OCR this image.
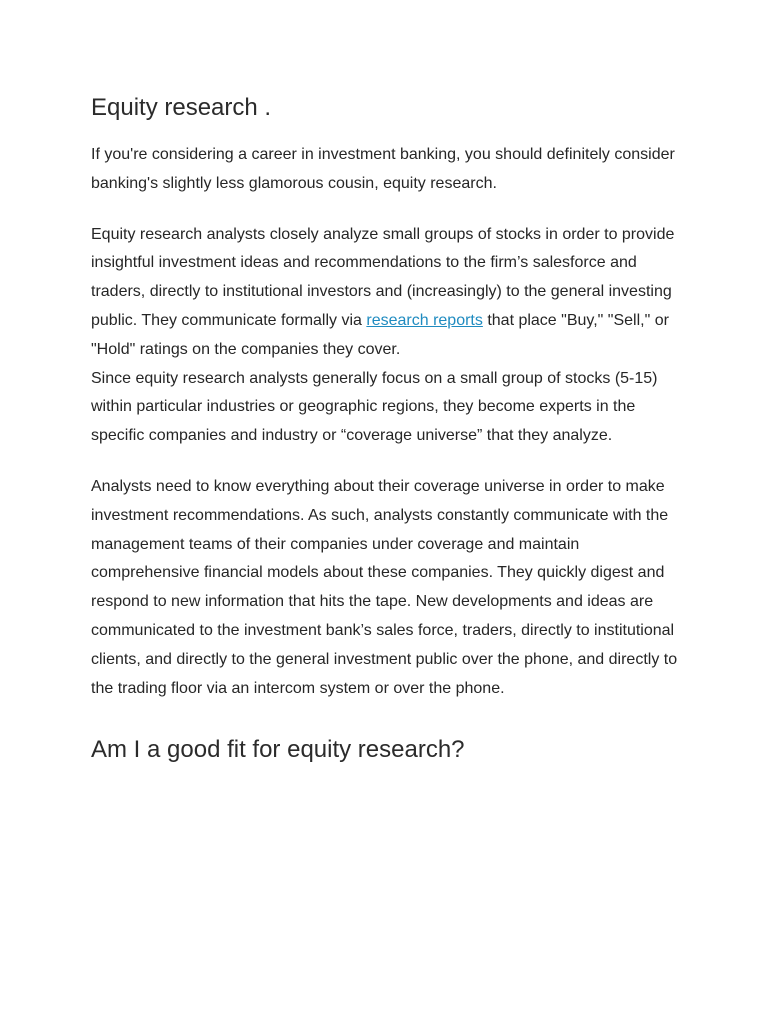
Equity research .

If you're considering a career in investment banking, you should definitely consider banking's slightly less glamorous cousin, equity research.

Equity research analysts closely analyze small groups of stocks in order to provide insightful investment ideas and recommendations to the firm’s salesforce and traders, directly to institutional investors and (increasingly) to the general investing public. They communicate formally via research reports that place "Buy," "Sell," or "Hold" ratings on the companies they cover.

Since equity research analysts generally focus on a small group of stocks (5-15) within particular industries or geographic regions, they become experts in the specific companies and industry or “coverage universe” that they analyze.

Analysts need to know everything about their coverage universe in order to make investment recommendations. As such, analysts constantly communicate with the management teams of their companies under coverage and maintain comprehensive financial models about these companies. They quickly digest and respond to new information that hits the tape. New developments and ideas are communicated to the investment bank’s sales force, traders, directly to institutional clients, and directly to the general investment public over the phone, and directly to the trading floor via an intercom system or over the phone.

Am I a good fit for equity research?
